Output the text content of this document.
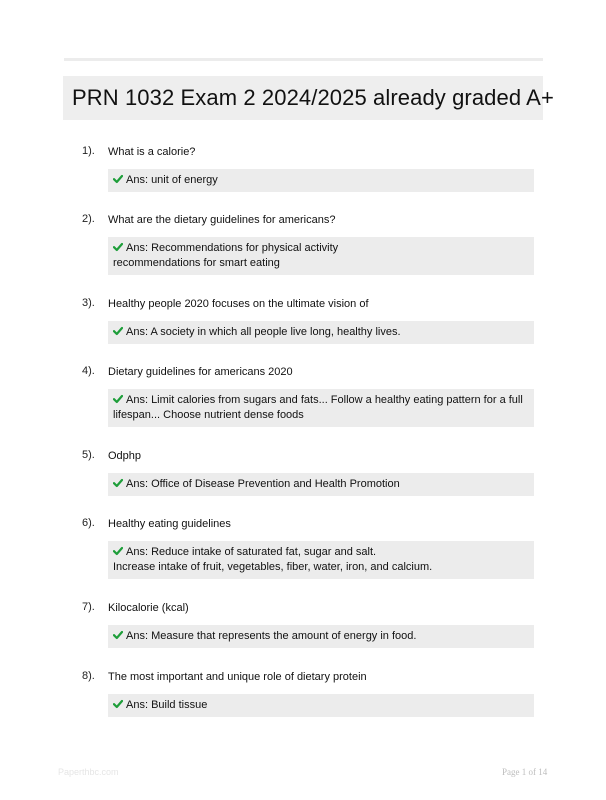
PRN 1032 Exam 2 2024/2025 already graded A+
1). What is a calorie?
Ans: unit of energy
2). What are the dietary guidelines for americans?
Ans: Recommendations for physical activity
recommendations for smart eating
3). Healthy people 2020 focuses on the ultimate vision of
Ans: A society in which all people live long, healthy lives.
4). Dietary guidelines for americans 2020
Ans: Limit calories from sugars and fats... Follow a healthy eating pattern for a full
lifespan... Choose nutrient dense foods
5). Odphp
Ans: Office of Disease Prevention and Health Promotion
6). Healthy eating guidelines
Ans: Reduce intake of saturated fat, sugar and salt.
Increase intake of fruit, vegetables, fiber, water, iron, and calcium.
7). Kilocalorie (kcal)
Ans: Measure that represents the amount of energy in food.
8). The most important and unique role of dietary protein
Ans: Build tissue
Paperthbc.com	Page 1 of 14
